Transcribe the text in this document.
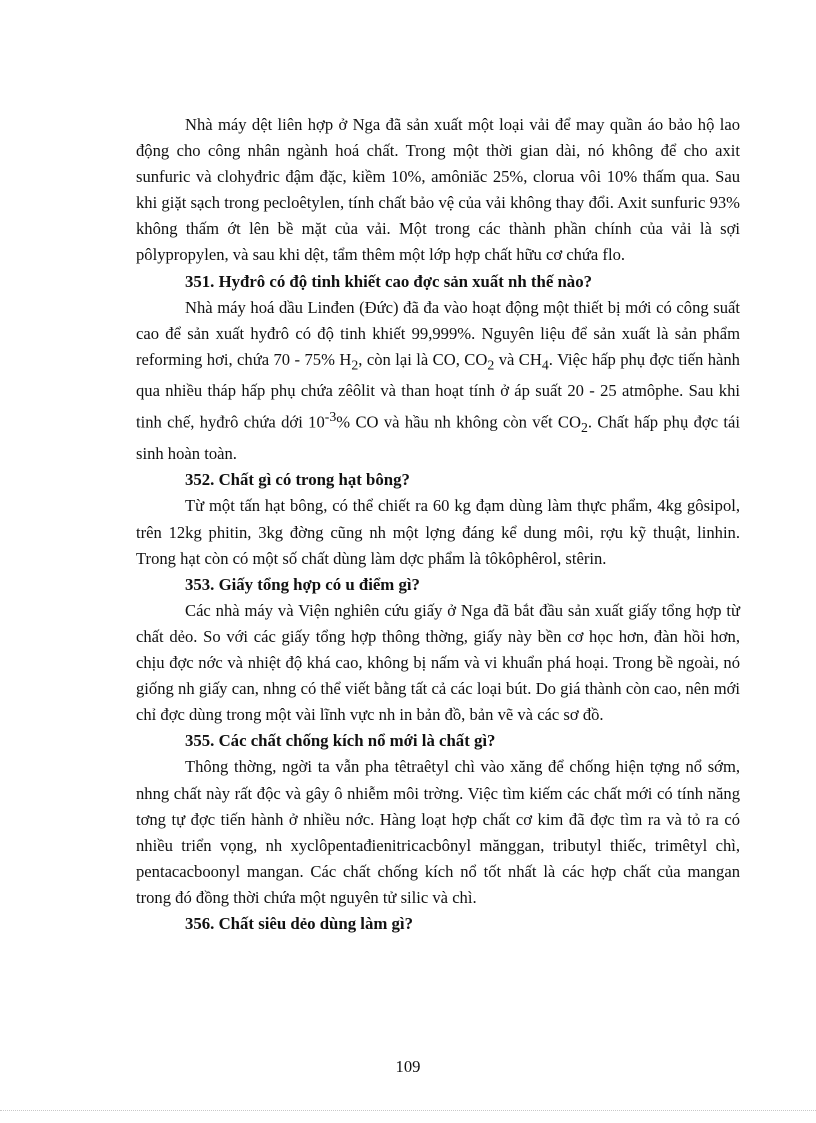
Nhà máy dệt liên hợp ở Nga đã sản xuất một loại vải để may quần áo bảo hộ lao động cho công nhân ngành hoá chất. Trong một thời gian dài, nó không để cho axit sunfuric và clohyđric đậm đặc, kiềm 10%, amôniăc 25%, clorua vôi 10% thấm qua. Sau khi giặt sạch trong pecloêtylen, tính chất bảo vệ của vải không thay đổi. Axit sunfuric 93% không thấm ớt lên bề mặt của vải. Một trong các thành phần chính của vải là sợi pôlypropylen, và sau khi dệt, tẩm thêm một lớp hợp chất hữu cơ chứa flo.

351. Hyđrô có độ tinh khiết cao đợc sản xuất nh thế nào?

Nhà máy hoá dầu Linđen (Đức) đã đa vào hoạt động một thiết bị mới có công suất cao để sản xuất hyđrô có độ tinh khiết 99,999%. Nguyên liệu để sản xuất là sản phẩm reforming hơi, chứa 70 - 75% $H_2$, còn lại là CO, $CO_2$ và $CH_4$. Việc hấp phụ đợc tiến hành qua nhiều tháp hấp phụ chứa zêôlit và than hoạt tính ở áp suất 20 - 25 atmôphe. Sau khi tinh chế, hyđrô chứa dới $10^{-3}\%$ CO và hầu nh không còn vết $CO_2$. Chất hấp phụ đợc tái sinh hoàn toàn.

352. Chất gì có trong hạt bông?

Từ một tấn hạt bông, có thể chiết ra 60 kg đạm dùng làm thực phẩm, 4kg gôsipol, trên 12kg phitin, 3kg đờng cũng nh một lợng đáng kể dung môi, rợu kỹ thuật, linhin. Trong hạt còn có một số chất dùng làm dợc phẩm là tôkôphêrol, stêrin.

353. Giấy tổng hợp có u điểm gì?

Các nhà máy và Viện nghiên cứu giấy ở Nga đã bắt đầu sản xuất giấy tổng hợp từ chất dẻo. So với các giấy tổng hợp thông thờng, giấy này bền cơ học hơn, đàn hồi hơn, chịu đợc nớc và nhiệt độ khá cao, không bị nấm và vi khuẩn phá hoại. Trong bề ngoài, nó giống nh giấy can, nhng có thể viết bằng tất cả các loại bút. Do giá thành còn cao, nên mới chỉ đợc dùng trong một vài lĩnh vực nh in bản đồ, bản vẽ và các sơ đồ.

355. Các chất chống kích nổ mới là chất gì?

Thông thờng, ngời ta vẫn pha têtraêtyl chì vào xăng để chống hiện tợng nổ sớm, nhng chất này rất độc và gây ô nhiễm môi trờng. Việc tìm kiếm các chất mới có tính năng tơng tự đợc tiến hành ở nhiều nớc. Hàng loạt hợp chất cơ kim đã đợc tìm ra và tỏ ra có nhiều triển vọng, nh xyclôpentađienitricacbônyl mănggan, tributyl thiếc, trimêtyl chì, pentacacboonyl mangan. Các chất chống kích nổ tốt nhất là các hợp chất của mangan trong đó đồng thời chứa một nguyên tử silic và chì.

356. Chất siêu dẻo dùng làm gì?

109
